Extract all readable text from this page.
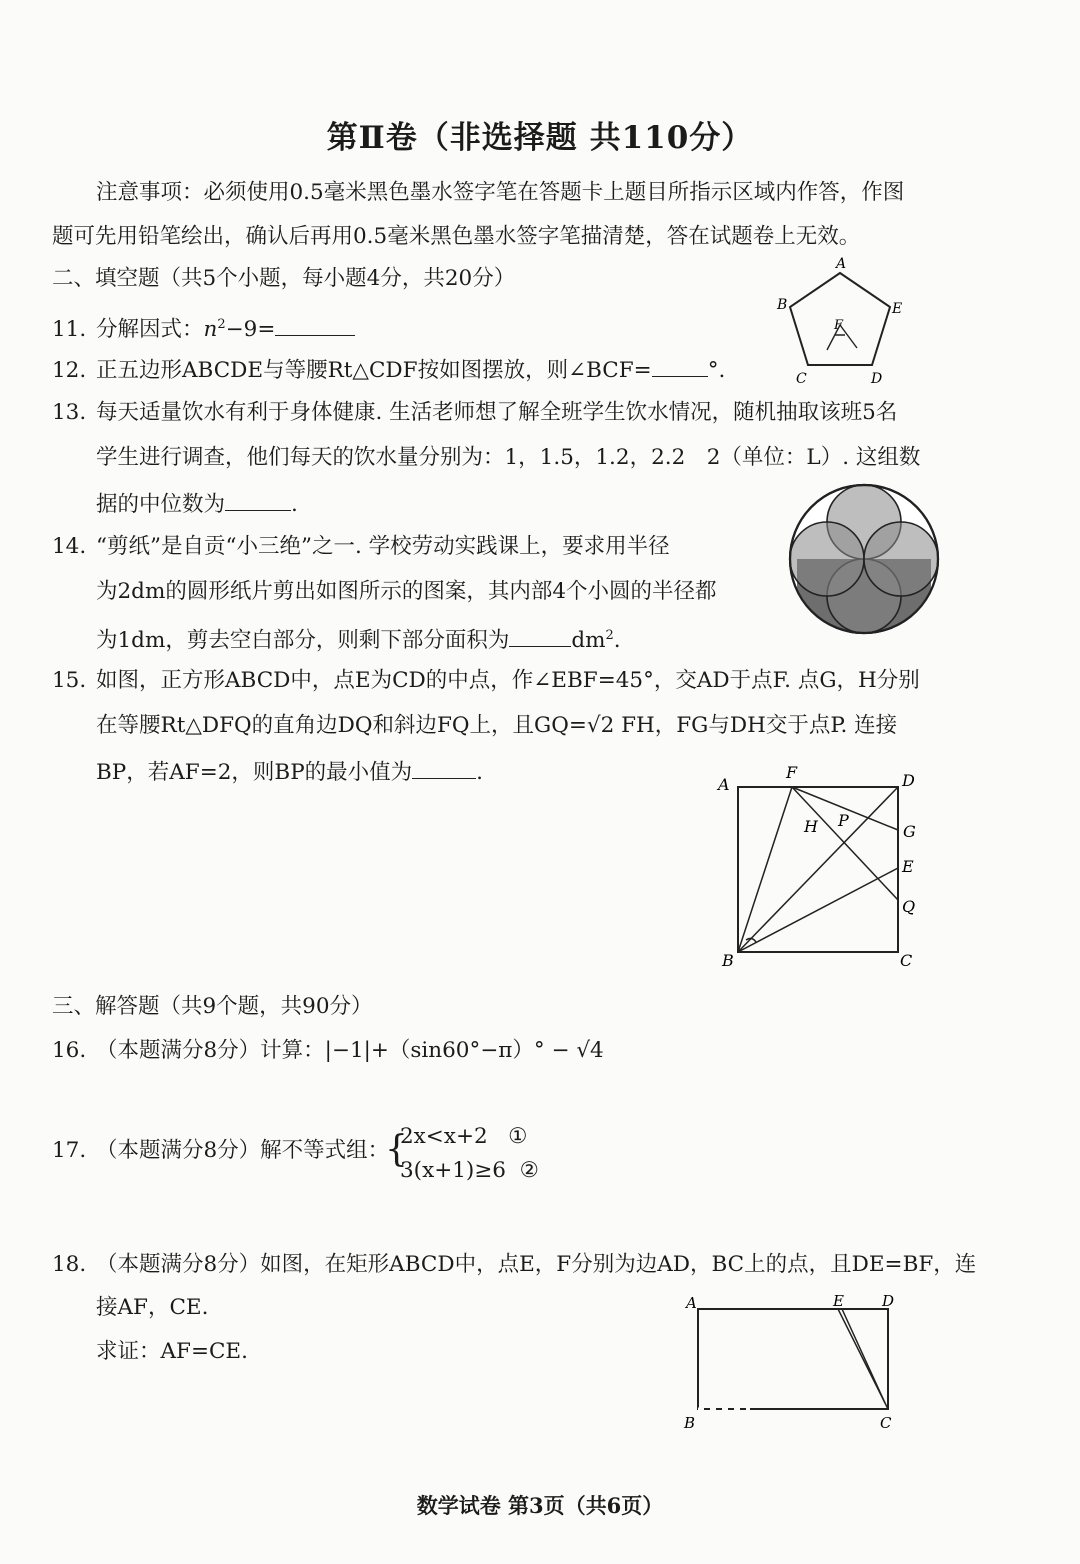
第Ⅱ卷（非选择题 共110分）
注意事项：必须使用0.5毫米黑色墨水签字笔在答题卡上题目所指示区域内作答，作图
题可先用铅笔绘出，确认后再用0.5毫米黑色墨水签字笔描清楚，答在试题卷上无效。
二、填空题（共5个小题，每小题4分，共20分）
11. 分解因式：$n^2-9=$
12. 正五边形ABCDE与等腰Rt△CDF按如图摆放，则∠BCF=	°.
13. 每天适量饮水有利于身体健康. 生活老师想了解全班学生饮水情况，随机抽取该班5名
学生进行调查，他们每天的饮水量分别为：1，1.5，1.2，2.2　2（单位：L）. 这组数
据的中位数为	.
14. “剪纸”是自贡“小三绝”之一. 学校劳动实践课上，要求用半径
为2dm的圆形纸片剪出如图所示的图案，其内部4个小圆的半径都
为1dm，剪去空白部分，则剩下部分面积为	$dm^2$.
15. 如图，正方形ABCD中，点E为CD的中点，作∠EBF=45°，交AD于点F. 点G，H分别
在等腰Rt△DFQ的直角边DQ和斜边FQ上，且GQ=√2 FH，FG与DH交于点P. 连接
BP，若AF=2，则BP的最小值为	.
三、解答题（共9个题，共90分）
16. （本题满分8分）计算：|−1|+（sin60°−π）° − √4
17. （本题满分8分）解不等式组：
{
2x<x+2 ①
3(x+1)≥6 ②
18. （本题满分8分）如图，在矩形ABCD中，点E，F分别为边AD，BC上的点，且DE=BF，连
接AF，CE.
求证：AF=CE.
A
B
C	D
E
F
A
F	D
H P
G
E
Q
B	C
A	E	D
B	C
数学试卷 第3页（共6页）
